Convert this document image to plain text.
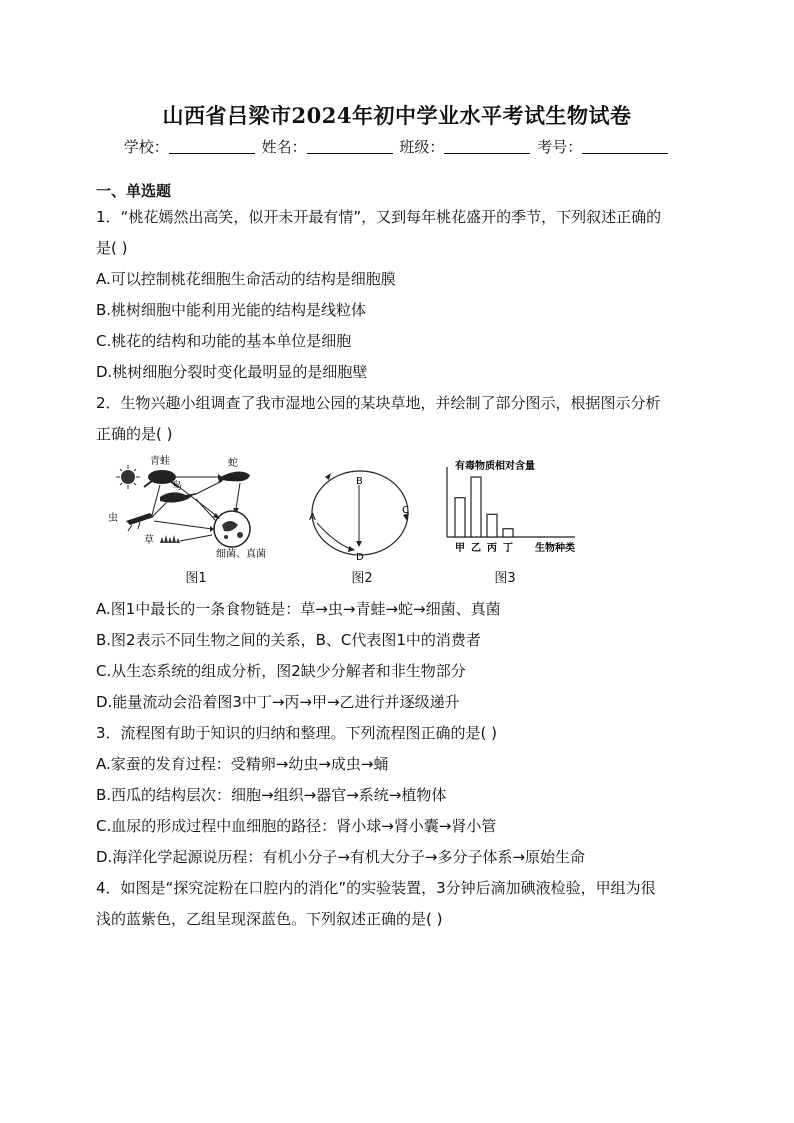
山西省吕梁市2024年初中学业水平考试生物试卷
学校：	姓名：	班级：	考号：
一、单选题
1．“桃花嫣然出高笑，似开未开最有情”，又到每年桃花盛开的季节，下列叙述正确的
是( )
A.可以控制桃花细胞生命活动的结构是细胞膜
B.桃树细胞中能利用光能的结构是线粒体
C.桃花的结构和功能的基本单位是细胞
D.桃树细胞分裂时变化最明显的是细胞壁
2．生物兴趣小组调查了我市湿地公园的某块草地，并绘制了部分图示，根据图示分析
正确的是( )
青蛙
鸟
蛇
虫
草
细菌、真菌
图1
B
A
C
D
图2
有毒物质相对含量
甲 乙 丙 丁 生物种类
图3
A.图1中最长的一条食物链是：草→虫→青蛙→蛇→细菌、真菌
B.图2表示不同生物之间的关系，B、C代表图1中的消费者
C.从生态系统的组成分析，图2缺少分解者和非生物部分
D.能量流动会沿着图3中丁→丙→甲→乙进行并逐级递升
3．流程图有助于知识的归纳和整理。下列流程图正确的是( )
A.家蚕的发育过程：受精卵→幼虫→成虫→蛹
B.西瓜的结构层次：细胞→组织→器官→系统→植物体
C.血尿的形成过程中血细胞的路径：肾小球→肾小囊→肾小管
D.海洋化学起源说历程：有机小分子→有机大分子→多分子体系→原始生命
4．如图是“探究淀粉在口腔内的消化”的实验装置，3分钟后滴加碘液检验，甲组为很
浅的蓝紫色，乙组呈现深蓝色。下列叙述正确的是( )
